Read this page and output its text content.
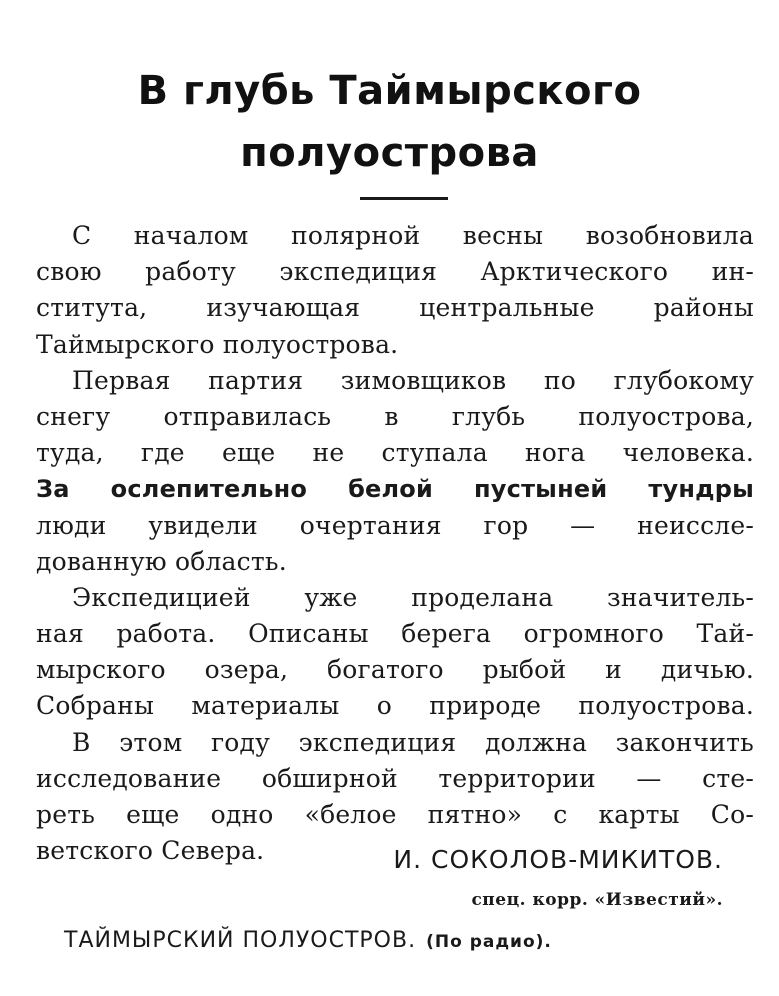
В глубь Таймырского
полуострова
С началом полярной весны возобновила
свою работу экспедиция Арктического ин-
ститута, изучающая центральные районы
Таймырского полуострова.
Первая партия зимовщиков по глубокому
снегу отправилась в глубь полуострова,
туда, где еще не ступала нога человека.
За ослепительно белой пустыней тундры
люди увидели очертания гор — неиссле-
дованную область.
Экспедицией уже проделана значитель-
ная работа. Описаны берега огромного Тай-
мырского озера, богатого рыбой и дичью.
Собраны материалы о природе полуострова.
В этом году экспедиция должна закончить
исследование обширной территории — сте-
реть еще одно «белое пятно» с карты Со-
ветского Севера.	И. СОКОЛОВ-МИКИТОВ.
спец. корр. «Известий».
ТАЙМЫРСКИЙ ПОЛУОСТРОВ. (По радио).
